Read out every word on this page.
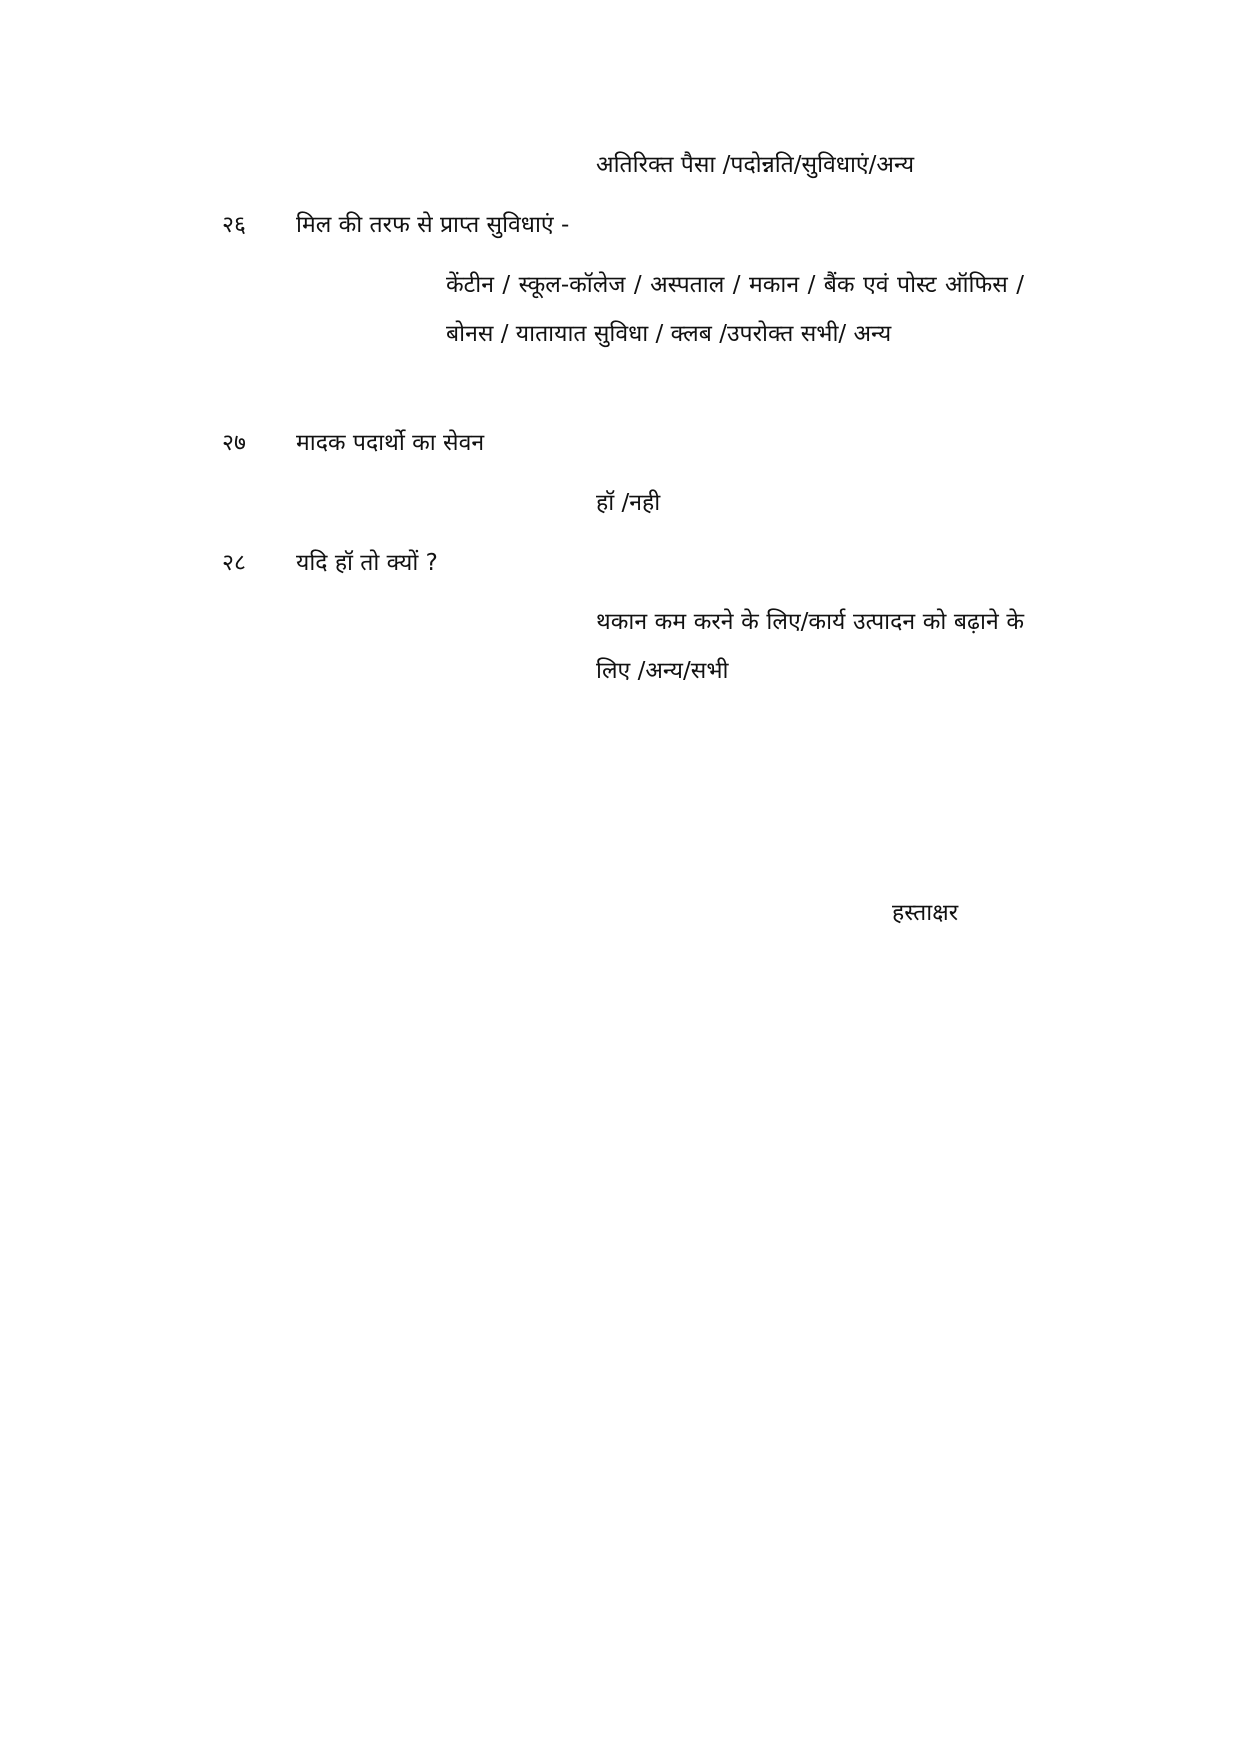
अतिरिक्त पैसा /पदोन्नति/सुविधाएं/अन्य
२६ मिल की तरफ से प्राप्त सुविधाएं -
केंटीन / स्कूल-कॉलेज / अस्पताल / मकान / बैंक एवं पोस्ट ऑफिस / बोनस / यातायात सुविधा / क्लब /उपरोक्त सभी/ अन्य
२७ मादक पदार्थो का सेवन
हॉ /नही
२८ यदि हॉ तो क्यों ?
थकान कम करने के लिए/कार्य उत्पादन को बढ़ाने के लिए /अन्य/सभी
हस्ताक्षर
